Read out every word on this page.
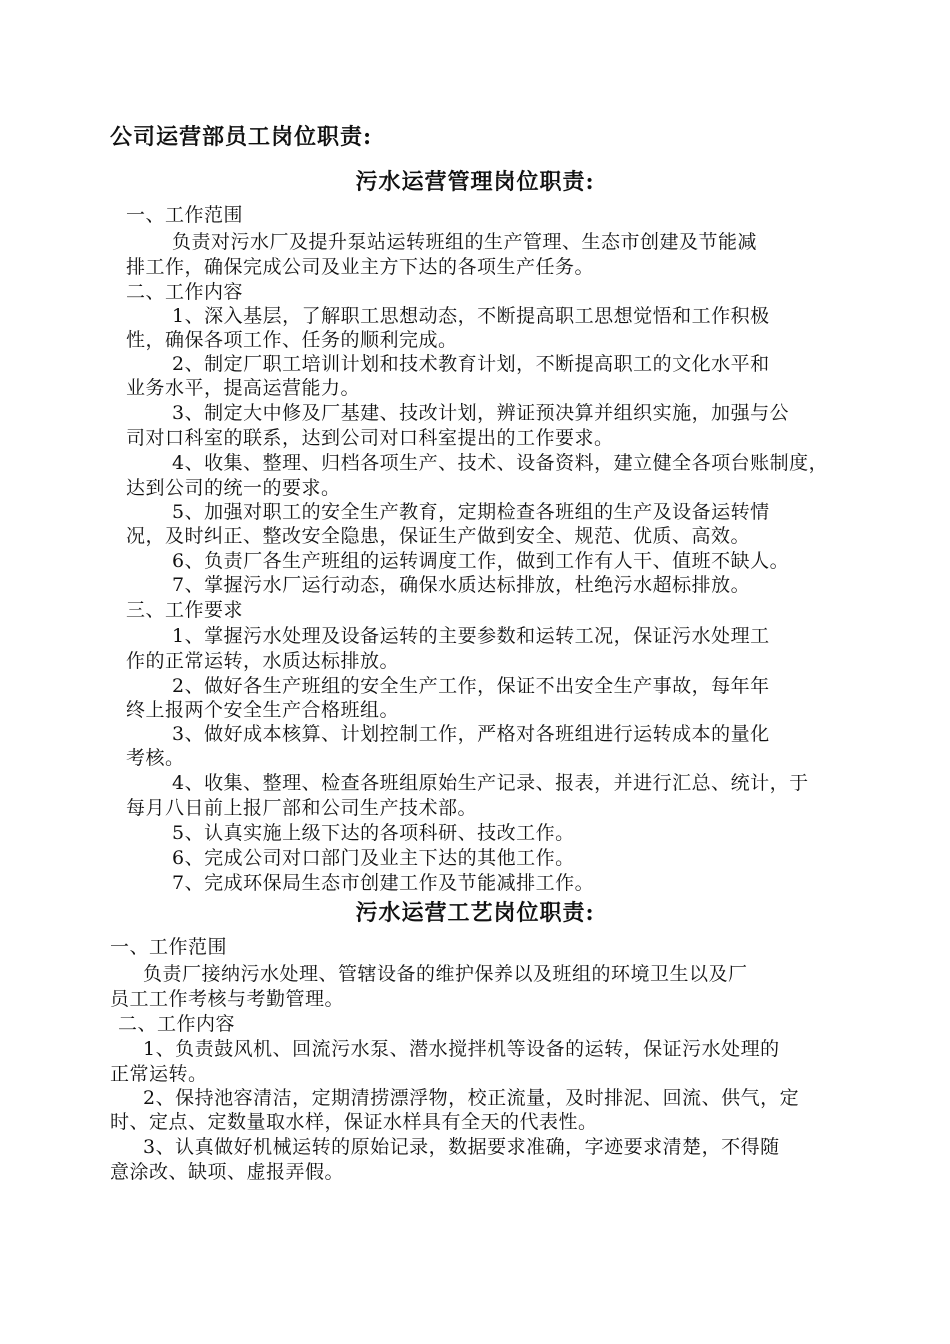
公司运营部员工岗位职责:
污水运营管理岗位职责:
一、工作范围
负责对污水厂及提升泵站运转班组的生产管理、生态市创建及节能减
排工作，确保完成公司及业主方下达的各项生产任务。
二、工作内容
1、深入基层，了解职工思想动态，不断提高职工思想觉悟和工作积极
性，确保各项工作、任务的顺利完成。
2、制定厂职工培训计划和技术教育计划，不断提高职工的文化水平和
业务水平，提高运营能力。
3、制定大中修及厂基建、技改计划，辨证预决算并组织实施，加强与公
司对口科室的联系，达到公司对口科室提出的工作要求。
4、收集、整理、归档各项生产、技术、设备资料，建立健全各项台账制度，
达到公司的统一的要求。
5、加强对职工的安全生产教育，定期检查各班组的生产及设备运转情
况，及时纠正、整改安全隐患，保证生产做到安全、规范、优质、高效。
6、负责厂各生产班组的运转调度工作，做到工作有人干、值班不缺人。
7、掌握污水厂运行动态，确保水质达标排放，杜绝污水超标排放。
三、工作要求
1、掌握污水处理及设备运转的主要参数和运转工况，保证污水处理工
作的正常运转，水质达标排放。
2、做好各生产班组的安全生产工作，保证不出安全生产事故，每年年
终上报两个安全生产合格班组。
3、做好成本核算、计划控制工作，严格对各班组进行运转成本的量化
考核。
4、收集、整理、检查各班组原始生产记录、报表，并进行汇总、统计，于
每月八日前上报厂部和公司生产技术部。
5、认真实施上级下达的各项科研、技改工作。
6、完成公司对口部门及业主下达的其他工作。
7、完成环保局生态市创建工作及节能减排工作。
污水运营工艺岗位职责:
一、工作范围
负责厂接纳污水处理、管辖设备的维护保养以及班组的环境卫生以及厂
员工工作考核与考勤管理。
二、工作内容
1、负责鼓风机、回流污水泵、潜水搅拌机等设备的运转，保证污水处理的
正常运转。
2、保持池容清洁，定期清捞漂浮物，校正流量，及时排泥、回流、供气，定
时、定点、定数量取水样，保证水样具有全天的代表性。
3、认真做好机械运转的原始记录，数据要求准确，字迹要求清楚，不得随
意涂改、缺项、虚报弄假。
